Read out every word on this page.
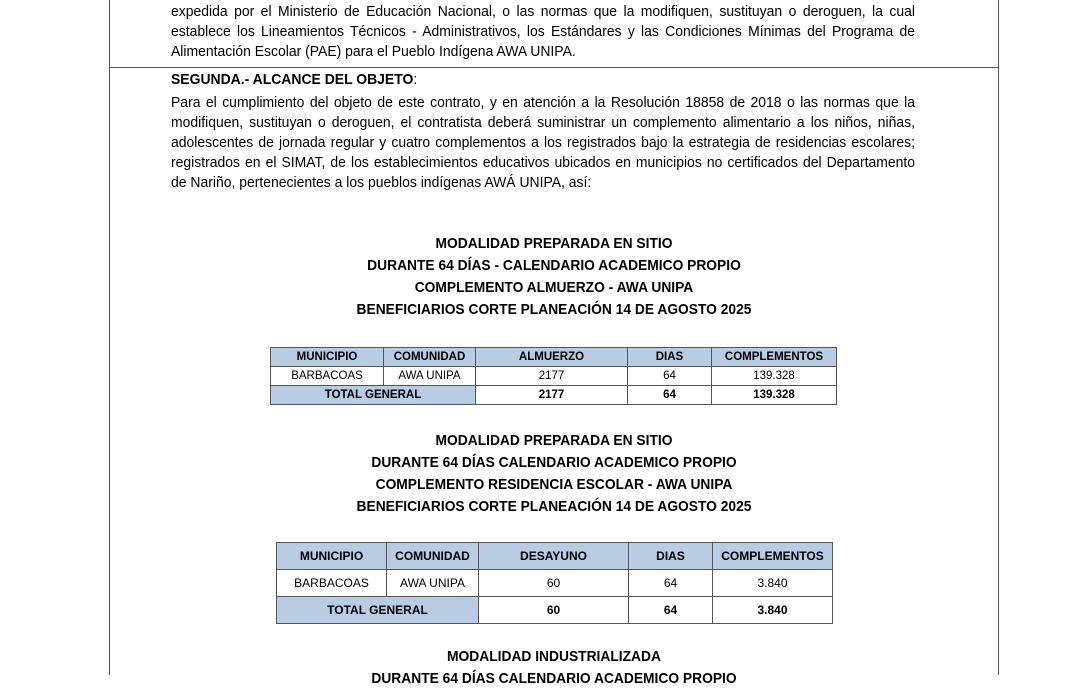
expedida por el Ministerio de Educación Nacional, o las normas que la modifiquen, sustituyan o deroguen, la cual establece los Lineamientos Técnicos - Administrativos, los Estándares y las Condiciones Mínimas del Programa de Alimentación Escolar (PAE) para el Pueblo Indígena AWA UNIPA.
SEGUNDA.- ALCANCE DEL OBJETO:
Para el cumplimiento del objeto de este contrato, y en atención a la Resolución 18858 de 2018 o las normas que la modifiquen, sustituyan o deroguen, el contratista deberá suministrar un complemento alimentario a los niños, niñas, adolescentes de jornada regular y cuatro complementos a los registrados bajo la estrategia de residencias escolares; registrados en el SIMAT, de los establecimientos educativos ubicados en municipios no certificados del Departamento de Nariño, pertenecientes a los pueblos indígenas AWÁ UNIPA, así:
MODALIDAD PREPARADA EN SITIO
DURANTE 64 DÍAS - CALENDARIO ACADEMICO PROPIO
COMPLEMENTO ALMUERZO - AWA UNIPA
BENEFICIARIOS CORTE PLANEACIÓN 14 DE AGOSTO 2025
MUNICIPIO	COMUNIDAD	ALMUERZO	DIAS	COMPLEMENTOS
BARBACOAS	AWA UNIPA	2177	64	139.328
TOTAL GENERAL		2177	64	139.328
MODALIDAD PREPARADA EN SITIO
DURANTE 64 DÍAS CALENDARIO ACADEMICO PROPIO
COMPLEMENTO RESIDENCIA ESCOLAR - AWA UNIPA
BENEFICIARIOS CORTE PLANEACIÓN 14 DE AGOSTO 2025
MUNICIPIO	COMUNIDAD	DESAYUNO	DIAS	COMPLEMENTOS
BARBACOAS	AWA UNIPA	60	64	3.840
TOTAL GENERAL		60	64	3.840
MODALIDAD INDUSTRIALIZADA
DURANTE 64 DÍAS CALENDARIO ACADEMICO PROPIO
